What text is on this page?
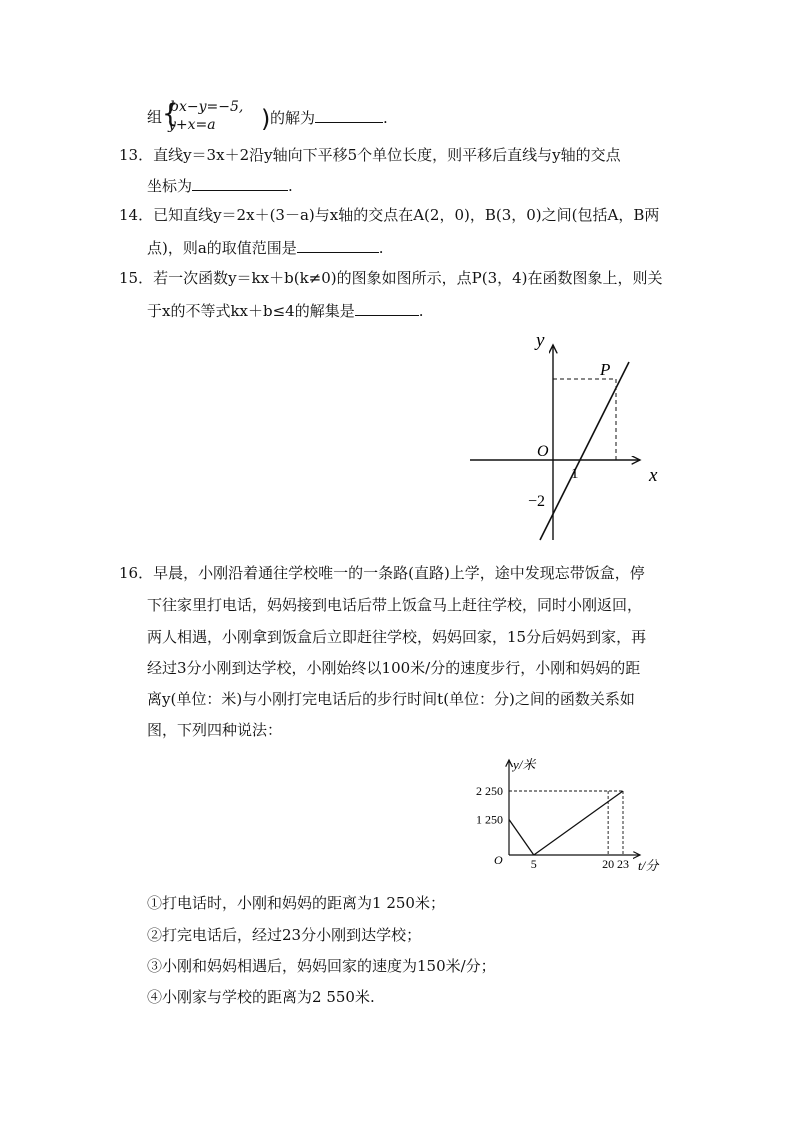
组 {
bx−y=−5,
y+x=a ) 的解为	.
13．直线y＝3x＋2沿y轴向下平移5个单位长度，则平移后直线与y轴的交点
坐标为	.
14．已知直线y＝2x＋(3－a)与x轴的交点在A(2，0)，B(3，0)之间(包括A，B两
点)，则a的取值范围是	.
15．若一次函数y＝kx＋b(k≠0)的图象如图所示，点P(3，4)在函数图象上，则关
于x的不等式kx＋b≤4的解集是	.
y
x
O
P
1
−2
16．早晨，小刚沿着通往学校唯一的一条路(直路)上学，途中发现忘带饭盒，停
下往家里打电话，妈妈接到电话后带上饭盒马上赶往学校，同时小刚返回，
两人相遇，小刚拿到饭盒后立即赶往学校，妈妈回家，15分后妈妈到家，再
经过3分小刚到达学校，小刚始终以100米/分的速度步行，小刚和妈妈的距
离y(单位：米)与小刚打完电话后的步行时间t(单位：分)之间的函数关系如
图，下列四种说法：
y/米
t/分
O 5	20 23
1 250
2 250
①打电话时，小刚和妈妈的距离为1 250米；
②打完电话后，经过23分小刚到达学校；
③小刚和妈妈相遇后，妈妈回家的速度为150米/分；
④小刚家与学校的距离为2 550米.
